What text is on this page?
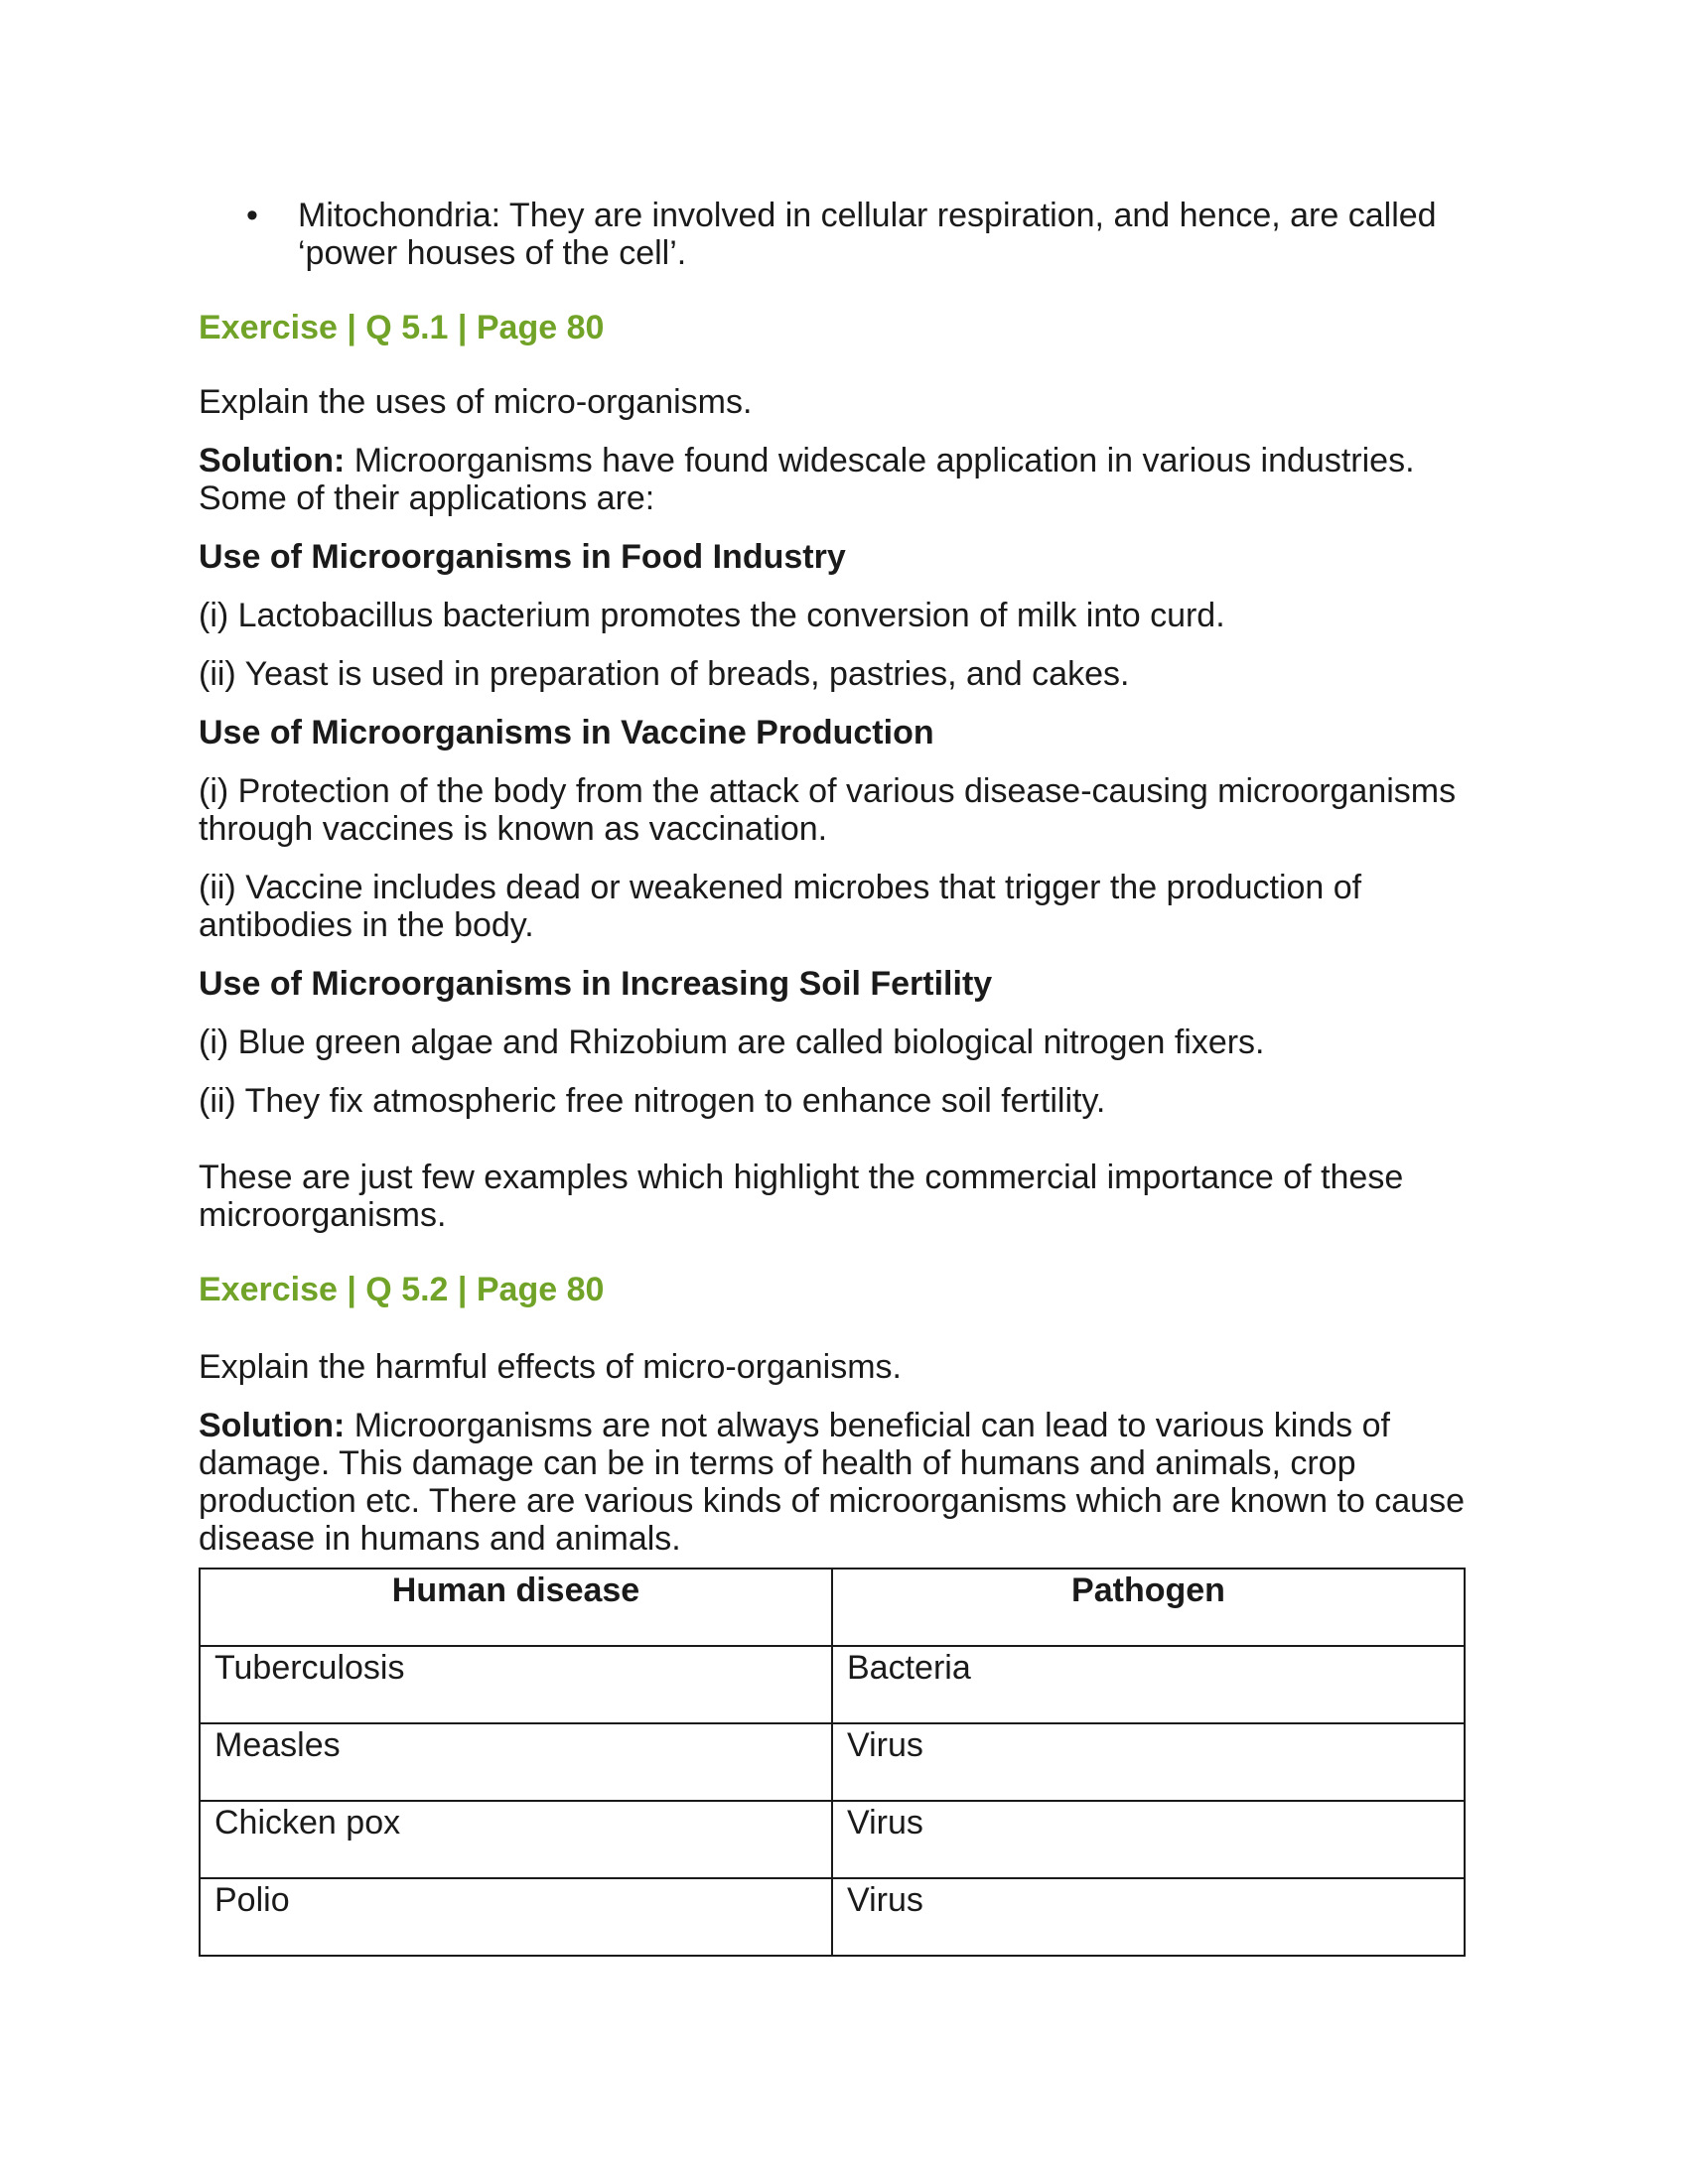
• Mitochondria: They are involved in cellular respiration, and hence, are called
‘power houses of the cell’.

Exercise | Q 5.1 | Page 80

Explain the uses of micro-organisms.

Solution: Microorganisms have found widescale application in various industries. Some of their applications are:

Use of Microorganisms in Food Industry

(i) Lactobacillus bacterium promotes the conversion of milk into curd.

(ii) Yeast is used in preparation of breads, pastries, and cakes.

Use of Microorganisms in Vaccine Production

(i) Protection of the body from the attack of various disease-causing microorganisms through vaccines is known as vaccination.

(ii) Vaccine includes dead or weakened microbes that trigger the production of antibodies in the body.

Use of Microorganisms in Increasing Soil Fertility

(i) Blue green algae and Rhizobium are called biological nitrogen fixers.

(ii) They fix atmospheric free nitrogen to enhance soil fertility.

These are just few examples which highlight the commercial importance of these microorganisms.

Exercise | Q 5.2 | Page 80

Explain the harmful effects of micro-organisms.

Solution: Microorganisms are not always beneficial can lead to various kinds of damage. This damage can be in terms of health of humans and animals, crop production etc. There are various kinds of microorganisms which are known to cause disease in humans and animals.

Human disease	Pathogen
Tuberculosis	Bacteria
Measles	Virus
Chicken pox	Virus
Polio	Virus
